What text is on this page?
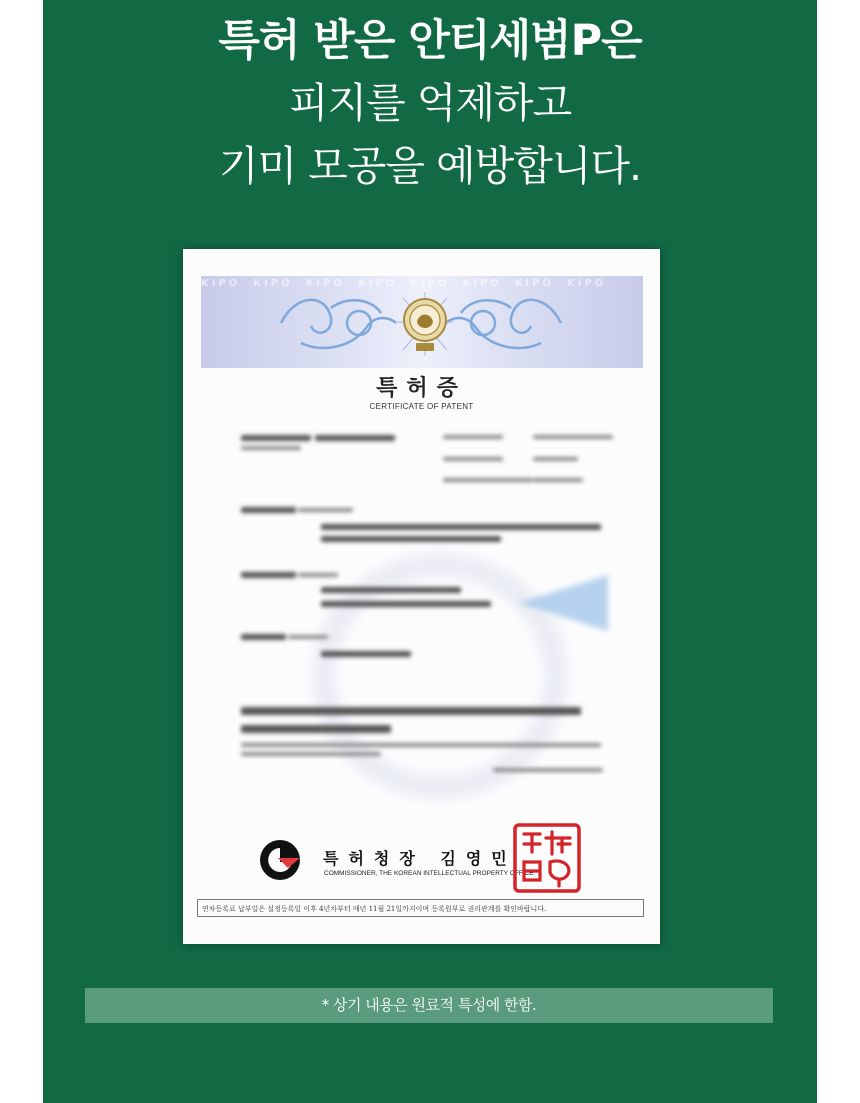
특허 받은 안티세범P은
피지를 억제하고
기미 모공을 예방합니다.
KIPO KIPO KIPO KIPO KIPO KIPO KIPO KIPO
특허증
CERTIFICATE OF PATENT
특허청장 김영민
COMMISSIONER, THE KOREAN INTELLECTUAL PROPERTY OFFICE
연차등록료 납부일은 설정등록일 이후 4년차부터 매년 11월 21일까지이며 등록원부로 권리관계를 확인바랍니다.
* 상기 내용은 원료적 특성에 한함.
